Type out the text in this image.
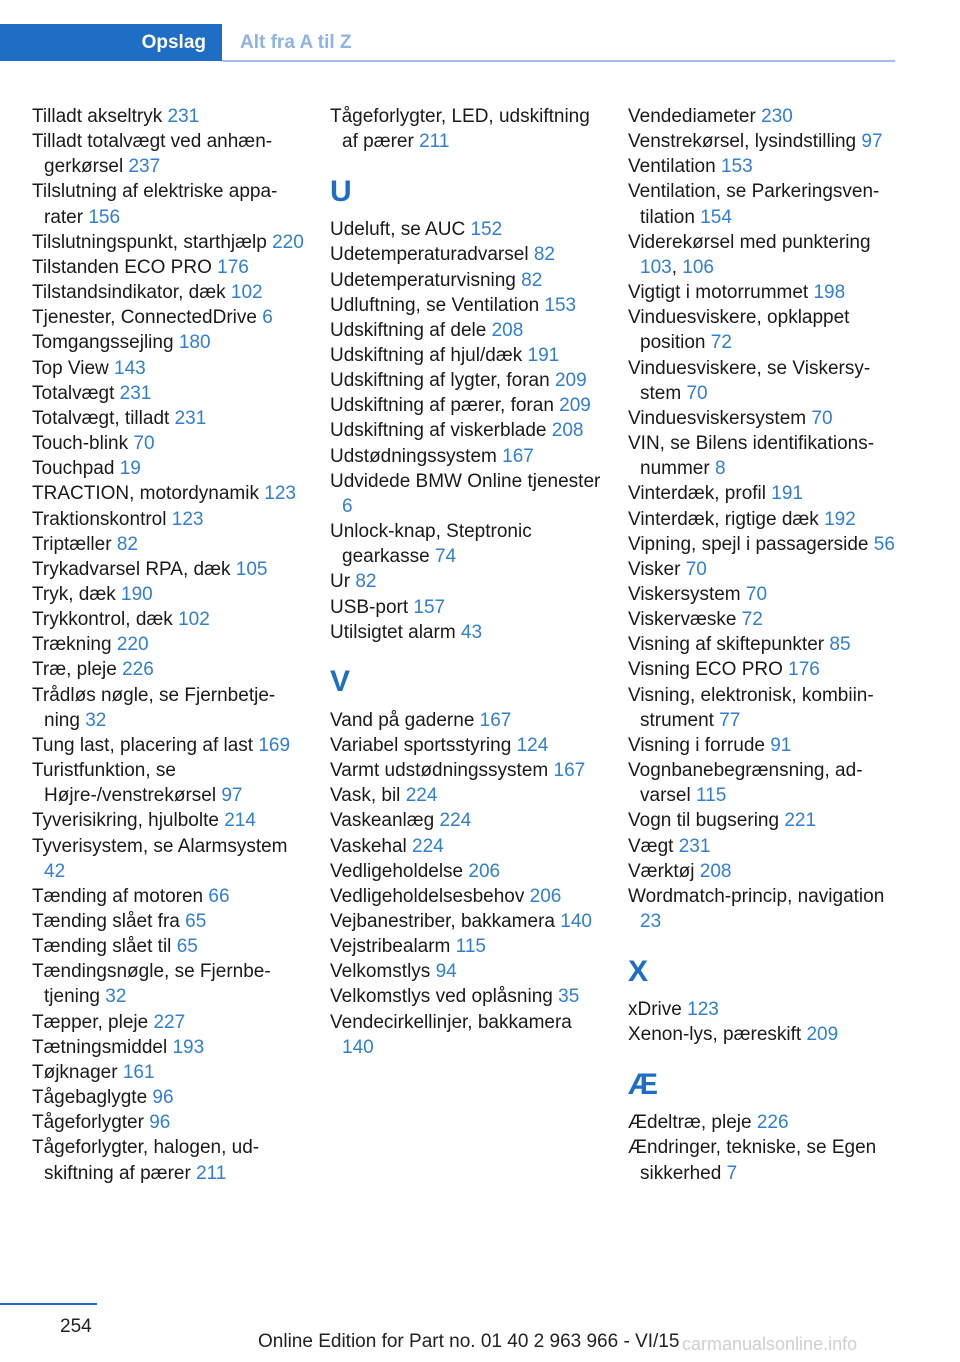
Opslag	Alt fra A til Z
Tilladt akseltryk 231
Tilladt totalvægt ved anhængerkørsel 237
Tilslutning af elektriske apparater 156
Tilslutningspunkt, starthjælp 220
Tilstanden ECO PRO 176
Tilstandsindikator, dæk 102
Tjenester, ConnectedDrive 6
Tomgangssejling 180
Top View 143
Totalvægt 231
Totalvægt, tilladt 231
Touch-blink 70
Touchpad 19
TRACTION, motordynamik 123
Traktionskontrol 123
Triptæller 82
Trykadvarsel RPA, dæk 105
Tryk, dæk 190
Trykkontrol, dæk 102
Trækning 220
Træ, pleje 226
Trådløs nøgle, se Fjernbetjening 32
Tung last, placering af last 169
Turistfunktion, se Højre-/venstrekørsel 97
Tyverisikring, hjulbolte 214
Tyverisystem, se Alarmsystem 42
Tænding af motoren 66
Tænding slået fra 65
Tænding slået til 65
Tændingsnøgle, se Fjernbetjening 32
Tæpper, pleje 227
Tætningsmiddel 193
Tøjknager 161
Tågebaglygte 96
Tågeforlygter 96
Tågeforlygter, halogen, udskiftning af pærer 211
Tågeforlygter, LED, udskiftning af pærer 211
U
Udeluft, se AUC 152
Udetemperaturadvarsel 82
Udetemperaturvisning 82
Udluftning, se Ventilation 153
Udskiftning af dele 208
Udskiftning af hjul/dæk 191
Udskiftning af lygter, foran 209
Udskiftning af pærer, foran 209
Udskiftning af viskerblade 208
Udstødningssystem 167
Udvidede BMW Online tjenester 6
Unlock-knap, Steptronic gearkasse 74
Ur 82
USB-port 157
Utilsigtet alarm 43
V
Vand på gaderne 167
Variabel sportsstyring 124
Varmt udstødningssystem 167
Vask, bil 224
Vaskeanlæg 224
Vaskehal 224
Vedligeholdelse 206
Vedligeholdelsesbehov 206
Vejbanestriber, bakkamera 140
Vejstribealarm 115
Velkomstlys 94
Velkomstlys ved oplåsning 35
Vendecirkellinjer, bakkamera 140
Vendediameter 230
Venstrekørsel, lysindstilling 97
Ventilation 153
Ventilation, se Parkeringsventilation 154
Viderekørsel med punktering 103, 106
Vigtigt i motorrummet 198
Vinduesviskere, opklappet position 72
Vinduesviskere, se Viskersystem 70
Vinduesviskersystem 70
VIN, se Bilens identifikationsnummer 8
Vinterdæk, profil 191
Vinterdæk, rigtige dæk 192
Vipning, spejl i passagerside 56
Visker 70
Viskersystem 70
Viskervæske 72
Visning af skiftepunkter 85
Visning ECO PRO 176
Visning, elektronisk, kombiinstrument 77
Visning i forrude 91
Vognbanebegrænsning, advarsel 115
Vogn til bugsering 221
Vægt 231
Værktøj 208
Wordmatch-princip, navigation 23
X
xDrive 123
Xenon-lys, pæreskift 209
Æ
Ædeltræ, pleje 226
Ændringer, tekniske, se Egen sikkerhed 7
254
Online Edition for Part no. 01 40 2 963 966 - VI/15 carmanualsonline.info
